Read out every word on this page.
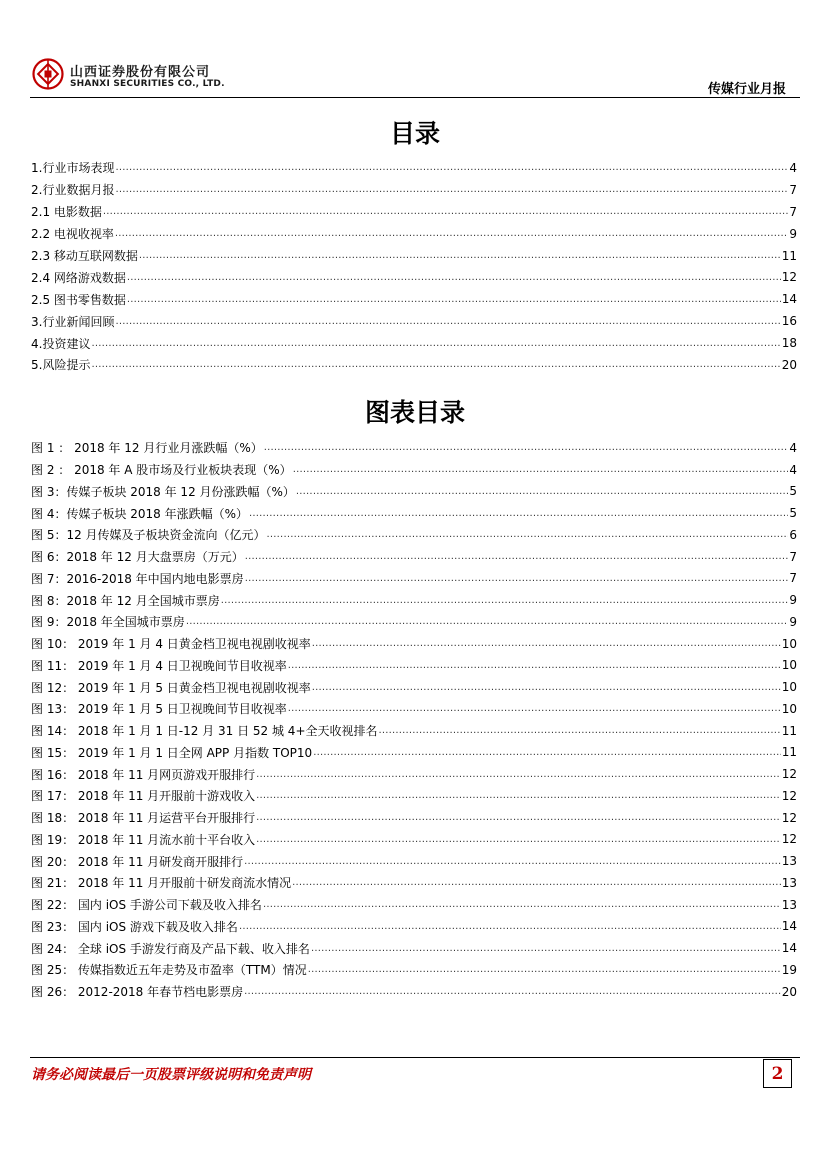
山西证券股份有限公司
SHANXI SECURITIES CO., LTD.	传媒行业月报
目录
1.行业市场表现 .....	4
2.行业数据月报 .....	7
2.1 电影数据 .....	7
2.2 电视收视率 .....	9
2.3 移动互联网数据 .....	11
2.4 网络游戏数据 .....	12
2.5 图书零售数据 .....	14
3.行业新闻回顾 .....	16
4.投资建议 .....	18
5.风险提示 .....	20
图表目录
图 1 ： 2018 年 12 月行业月涨跌幅（%） .....	4
图 2 ： 2018 年 A 股市场及行业板块表现（%） .....	4
图 3：传媒子板块 2018 年 12 月份涨跌幅（%） .....	5
图 4：传媒子板块 2018 年涨跌幅（%） .....	5
图 5：12 月传媒及子板块资金流向（亿元） .....	6
图 6：2018 年 12 月大盘票房（万元） .....	7
图 7：2016-2018 年中国内地电影票房 .....	7
图 8：2018 年 12 月全国城市票房 .....	9
图 9：2018 年全国城市票房 .....	9
图 10： 2019 年 1 月 4 日黄金档卫视电视剧收视率 .....	10
图 11： 2019 年 1 月 4 日卫视晚间节目收视率 .....	10
图 12： 2019 年 1 月 5 日黄金档卫视电视剧收视率 .....	10
图 13： 2019 年 1 月 5 日卫视晚间节目收视率 .....	10
图 14： 2018 年 1 月 1 日-12 月 31 日 52 城 4+全天收视排名 .....	11
图 15： 2019 年 1 月 1 日全网 APP 月指数 TOP10 .....	11
图 16： 2018 年 11 月网页游戏开服排行 .....	12
图 17： 2018 年 11 月开服前十游戏收入 .....	12
图 18： 2018 年 11 月运营平台开服排行 .....	12
图 19： 2018 年 11 月流水前十平台收入 .....	12
图 20： 2018 年 11 月研发商开服排行 .....	13
图 21： 2018 年 11 月开服前十研发商流水情况 .....	13
图 22： 国内 iOS 手游公司下载及收入排名 .....	13
图 23： 国内 iOS 游戏下载及收入排名 .....	14
图 24： 全球 iOS 手游发行商及产品下载、收入排名 .....	14
图 25： 传媒指数近五年走势及市盈率（TTM）情况 .....	19
图 26： 2012-2018 年春节档电影票房 .....	20
请务必阅读最后一页股票评级说明和免责声明	2
